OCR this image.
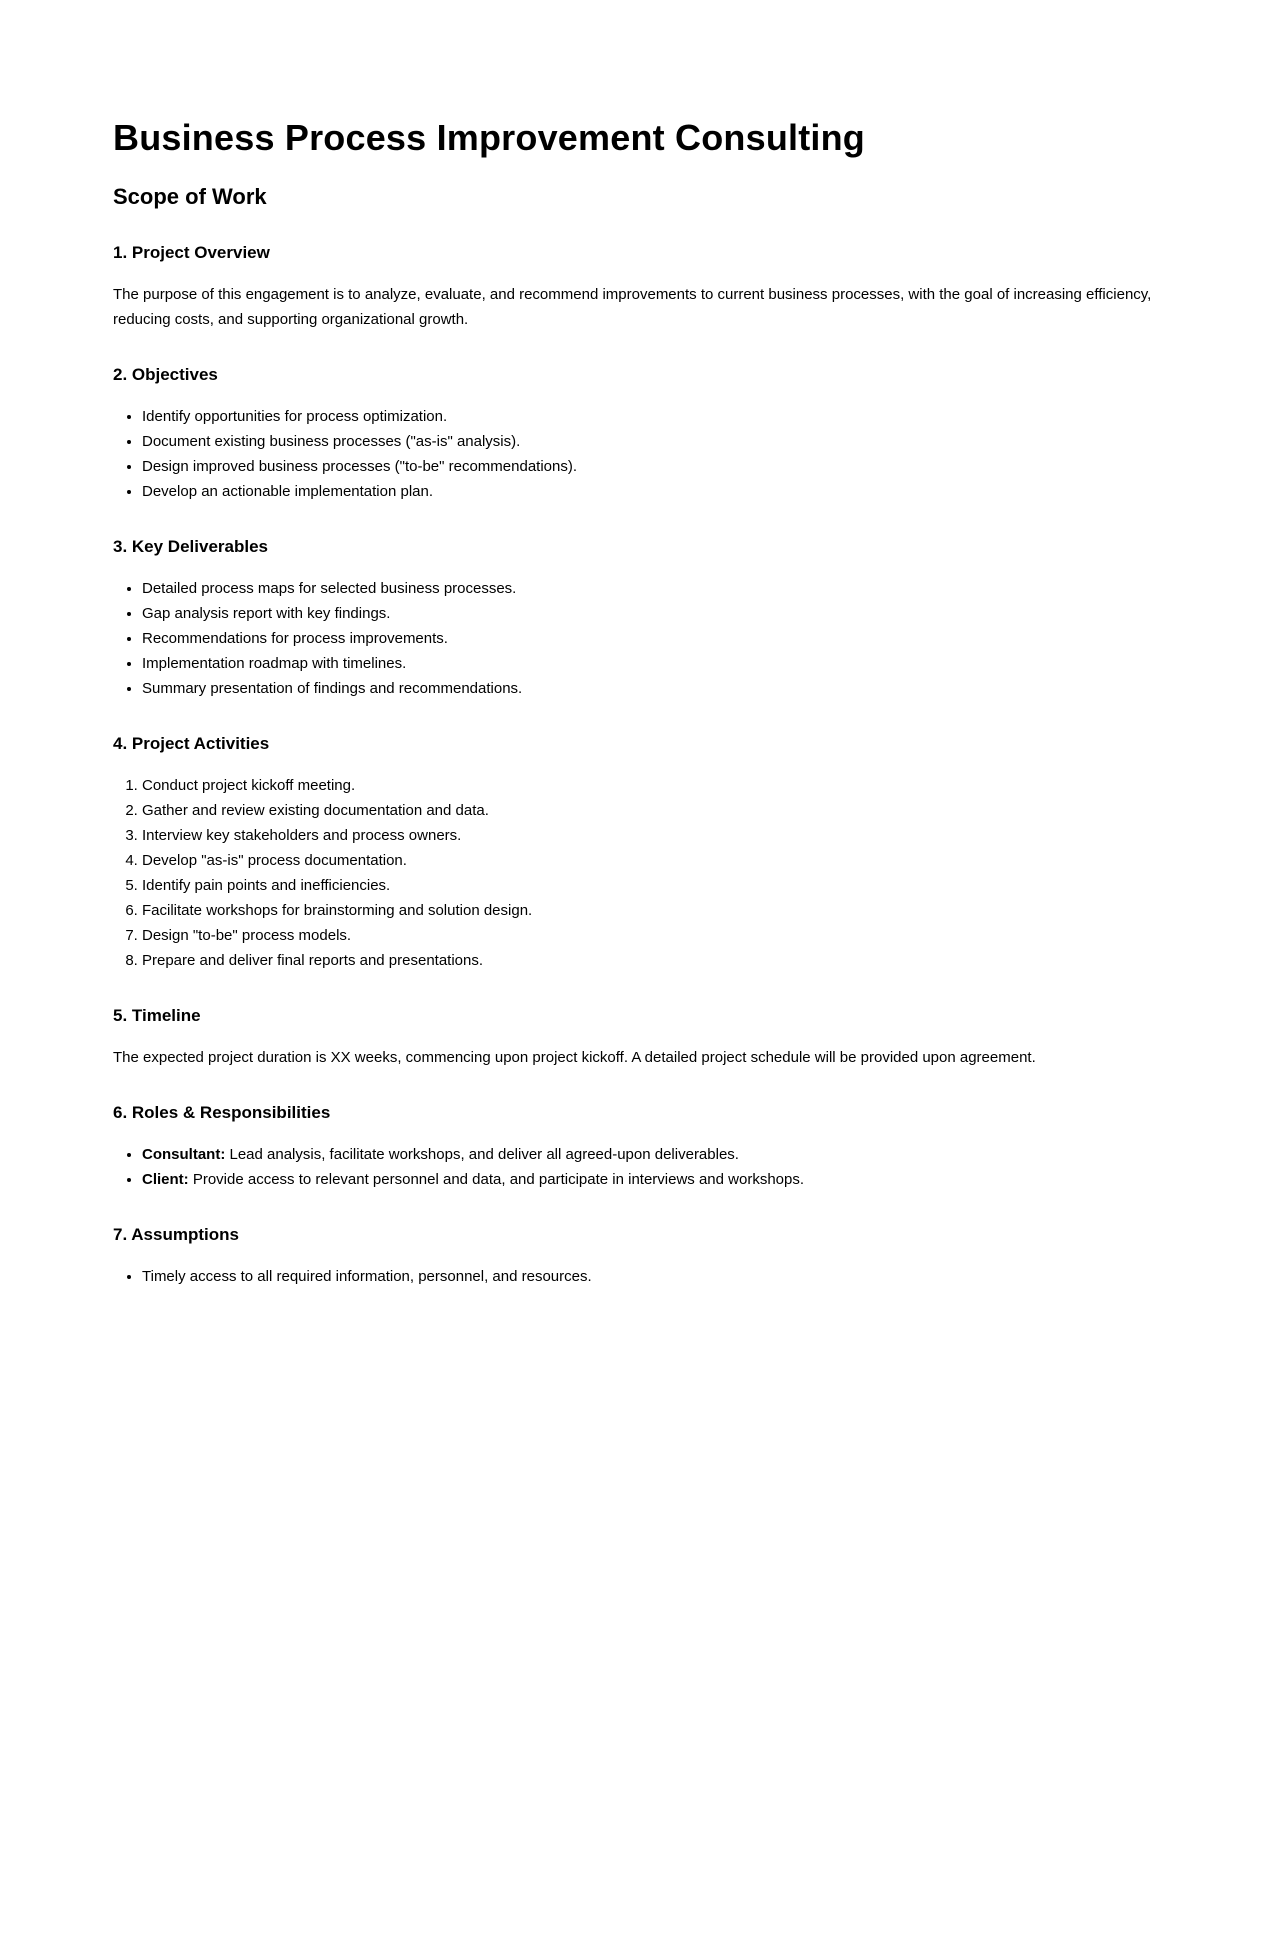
Business Process Improvement Consulting
Scope of Work
1. Project Overview

The purpose of this engagement is to analyze, evaluate, and recommend improvements to current business processes, with the goal of increasing efficiency, reducing costs, and supporting organizational growth.

2. Objectives
• Identify opportunities for process optimization.
• Document existing business processes ("as-is" analysis).
• Design improved business processes ("to-be" recommendations).
• Develop an actionable implementation plan.
3. Key Deliverables
• Detailed process maps for selected business processes.
• Gap analysis report with key findings.
• Recommendations for process improvements.
• Implementation roadmap with timelines.
• Summary presentation of findings and recommendations.
4. Project Activities
1. Conduct project kickoff meeting.
2. Gather and review existing documentation and data.
3. Interview key stakeholders and process owners.
4. Develop "as-is" process documentation.
5. Identify pain points and inefficiencies.
6. Facilitate workshops for brainstorming and solution design.
7. Design "to-be" process models.
8. Prepare and deliver final reports and presentations.
5. Timeline

The expected project duration is XX weeks, commencing upon project kickoff. A detailed project schedule will be provided upon agreement.

6. Roles & Responsibilities
• Consultant: Lead analysis, facilitate workshops, and deliver all agreed-upon deliverables.
• Client: Provide access to relevant personnel and data, and participate in interviews and workshops.
7. Assumptions
• Timely access to all required information, personnel, and resources.
